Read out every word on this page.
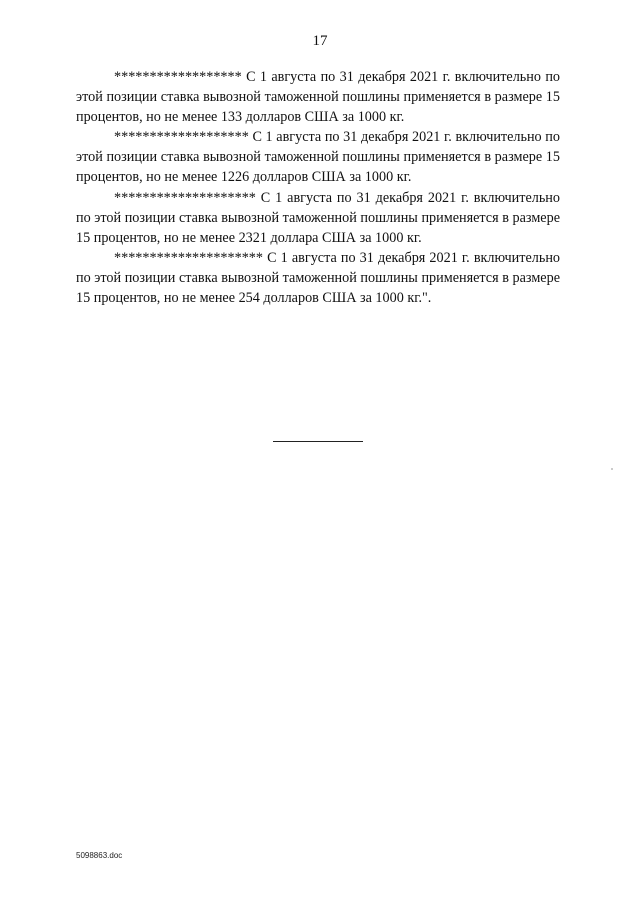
17

****************** С 1 августа по 31 декабря 2021 г. включительно по этой позиции ставка вывозной таможенной пошлины применяется в размере 15 процентов, но не менее 133 долларов США за 1000 кг.

******************* С 1 августа по 31 декабря 2021 г. включительно по этой позиции ставка вывозной таможенной пошлины применяется в размере 15 процентов, но не менее 1226 долларов США за 1000 кг.

******************** С 1 августа по 31 декабря 2021 г. включительно по этой позиции ставка вывозной таможенной пошлины применяется в размере 15 процентов, но не менее 2321 доллара США за 1000 кг.

********************* С 1 августа по 31 декабря 2021 г. включительно по этой позиции ставка вывозной таможенной пошлины применяется в размере 15 процентов, но не менее 254 долларов США за 1000 кг.".

5098863.doc
